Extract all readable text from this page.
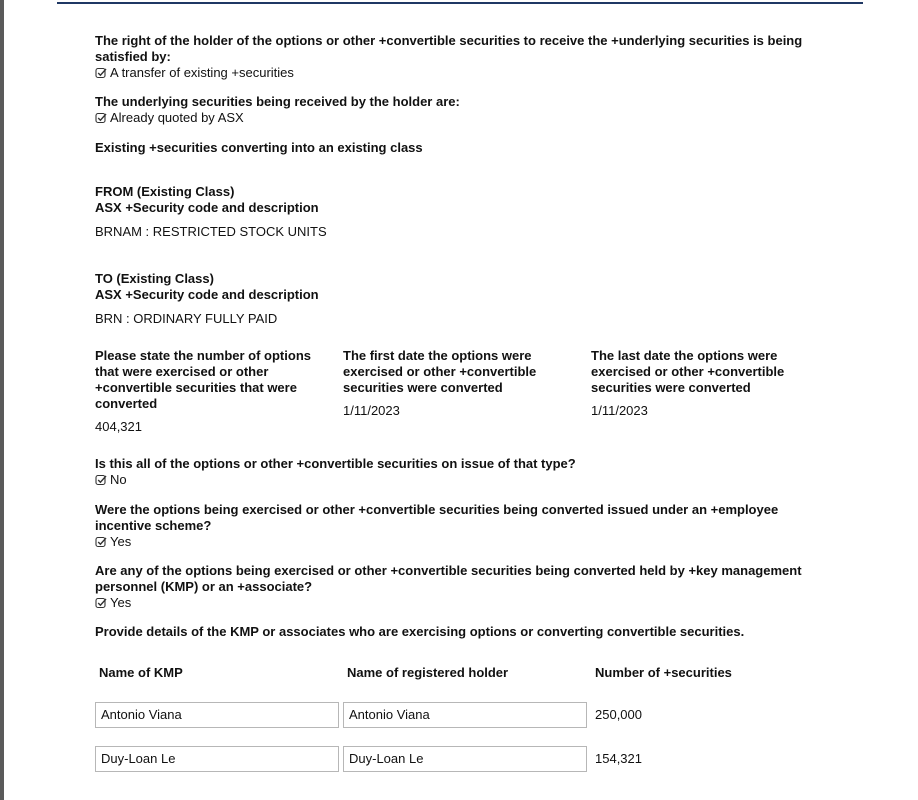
The right of the holder of the options or other +convertible securities to receive the +underlying securities is being satisfied by:
A transfer of existing +securities
The underlying securities being received by the holder are:
Already quoted by ASX
Existing +securities converting into an existing class
FROM (Existing Class)
ASX +Security code and description
BRNAM : RESTRICTED STOCK UNITS
TO (Existing Class)
ASX +Security code and description
BRN : ORDINARY FULLY PAID
Please state the number of options that were exercised or other +convertible securities that were converted
404,321
The first date the options were exercised or other +convertible securities were converted
1/11/2023
The last date the options were exercised or other +convertible securities were converted
1/11/2023
Is this all of the options or other +convertible securities on issue of that type?
No
Were the options being exercised or other +convertible securities being converted issued under an +employee incentive scheme?
Yes
Are any of the options being exercised or other +convertible securities being converted held by +key management personnel (KMP) or an +associate?
Yes
Provide details of the KMP or associates who are exercising options or converting convertible securities.
Name of KMP	Name of registered holder	Number of +securities
Antonio Viana	Antonio Viana	250,000
Duy-Loan Le	Duy-Loan Le	154,321
